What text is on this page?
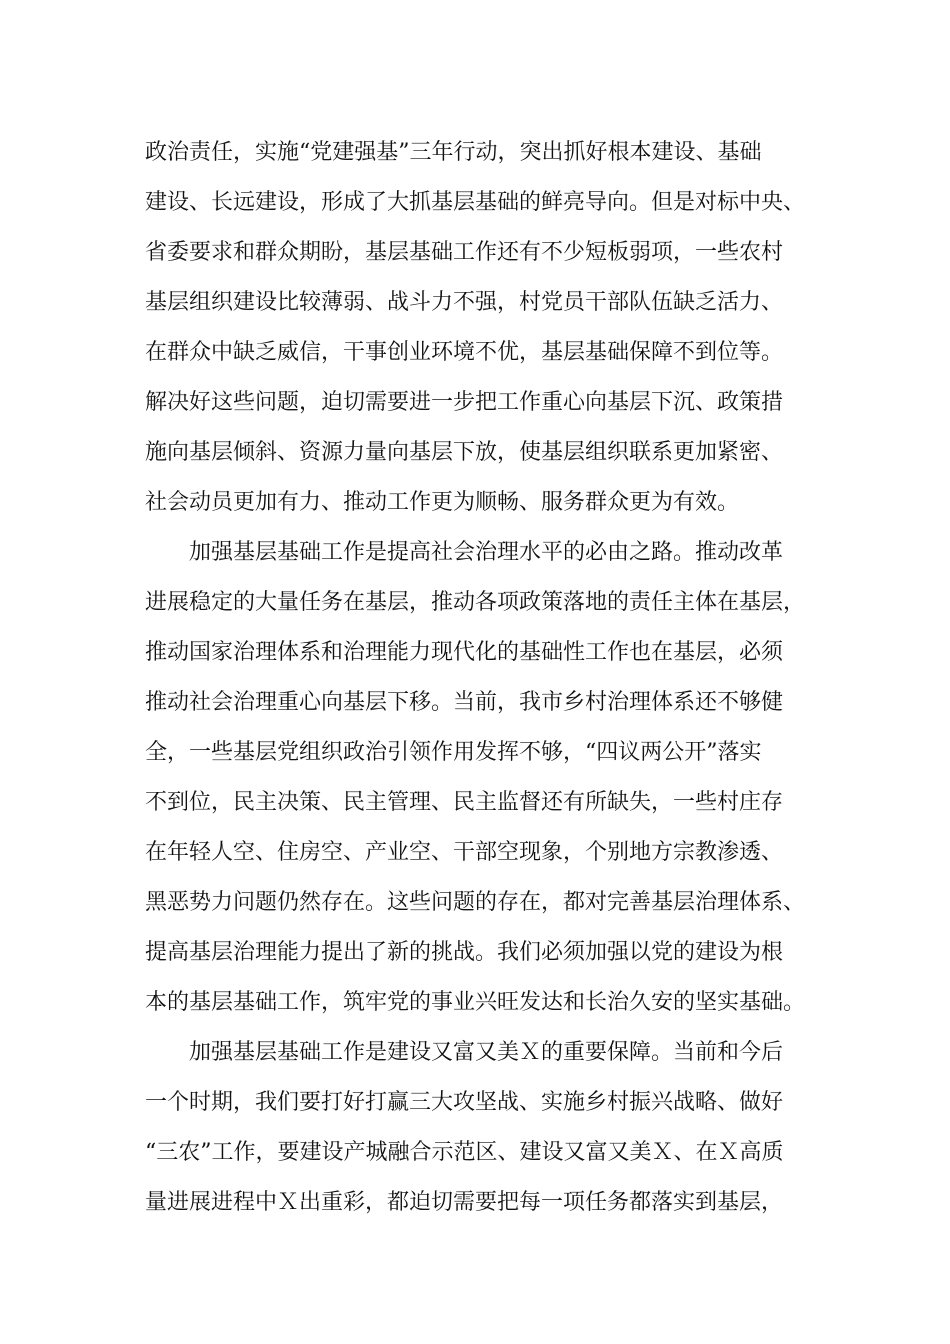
政治责任，实施“党建强基”三年行动，突出抓好根本建设、基础
建设、长远建设，形成了大抓基层基础的鲜亮导向。但是对标中央、
省委要求和群众期盼，基层基础工作还有不少短板弱项，一些农村
基层组织建设比较薄弱、战斗力不强，村党员干部队伍缺乏活力、
在群众中缺乏威信，干事创业环境不优，基层基础保障不到位等。
解决好这些问题，迫切需要进一步把工作重心向基层下沉、政策措
施向基层倾斜、资源力量向基层下放，使基层组织联系更加紧密、
社会动员更加有力、推动工作更为顺畅、服务群众更为有效。
　　加强基层基础工作是提高社会治理水平的必由之路。推动改革
进展稳定的大量任务在基层，推动各项政策落地的责任主体在基层，
推动国家治理体系和治理能力现代化的基础性工作也在基层，必须
推动社会治理重心向基层下移。当前，我市乡村治理体系还不够健
全，一些基层党组织政治引领作用发挥不够，“四议两公开”落实
不到位，民主决策、民主管理、民主监督还有所缺失，一些村庄存
在年轻人空、住房空、产业空、干部空现象，个别地方宗教渗透、
黑恶势力问题仍然存在。这些问题的存在，都对完善基层治理体系、
提高基层治理能力提出了新的挑战。我们必须加强以党的建设为根
本的基层基础工作，筑牢党的事业兴旺发达和长治久安的坚实基础。
　　加强基层基础工作是建设又富又美Ｘ的重要保障。当前和今后
一个时期，我们要打好打赢三大攻坚战、实施乡村振兴战略、做好
“三农”工作，要建设产城融合示范区、建设又富又美Ｘ、在Ｘ高质
量进展进程中Ｘ出重彩，都迫切需要把每一项任务都落实到基层，
